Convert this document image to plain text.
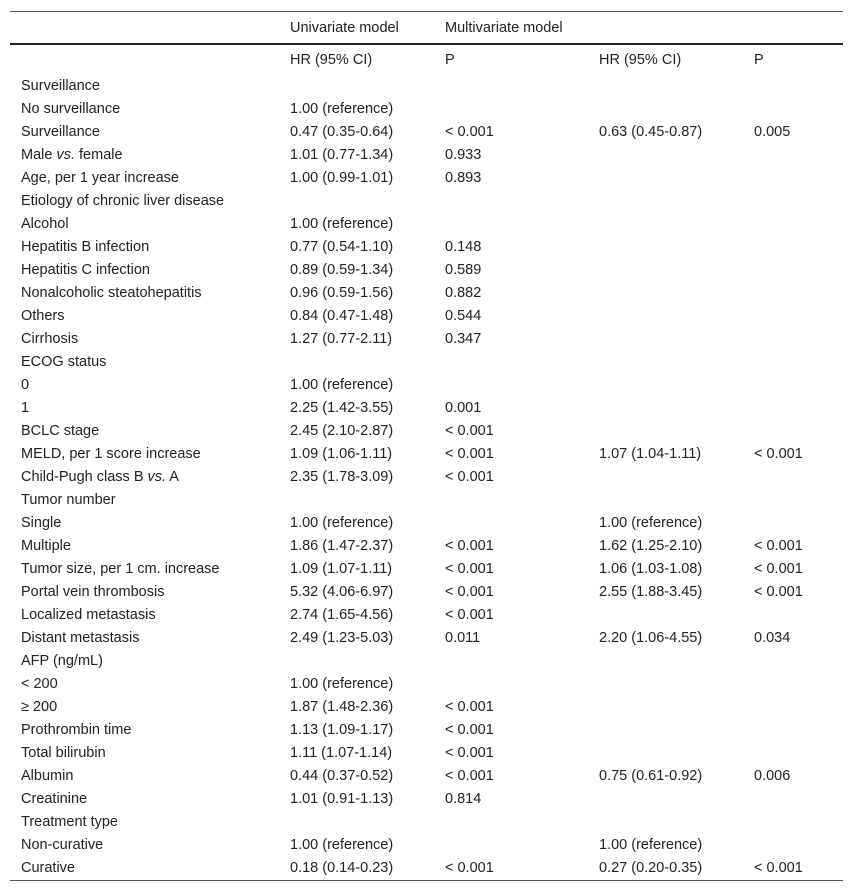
	Univariate model	Multivariate model		
	HR (95% CI)	P	HR (95% CI)	P
Surveillance				
No surveillance	1.00 (reference)			
Surveillance	0.47 (0.35-0.64)	< 0.001	0.63 (0.45-0.87)	0.005
Male vs. female	1.01 (0.77-1.34)	0.933		
Age, per 1 year increase	1.00 (0.99-1.01)	0.893		
Etiology of chronic liver disease				
Alcohol	1.00 (reference)			
Hepatitis B infection	0.77 (0.54-1.10)	0.148		
Hepatitis C infection	0.89 (0.59-1.34)	0.589		
Nonalcoholic steatohepatitis	0.96 (0.59-1.56)	0.882		
Others	0.84 (0.47-1.48)	0.544		
Cirrhosis	1.27 (0.77-2.11)	0.347		
ECOG status				
0	1.00 (reference)			
1	2.25 (1.42-3.55)	0.001		
BCLC stage	2.45 (2.10-2.87)	< 0.001		
MELD, per 1 score increase	1.09 (1.06-1.11)	< 0.001	1.07 (1.04-1.11)	< 0.001
Child-Pugh class B vs. A	2.35 (1.78-3.09)	< 0.001		
Tumor number				
Single	1.00 (reference)		1.00 (reference)	
Multiple	1.86 (1.47-2.37)	< 0.001	1.62 (1.25-2.10)	< 0.001
Tumor size, per 1 cm. increase	1.09 (1.07-1.11)	< 0.001	1.06 (1.03-1.08)	< 0.001
Portal vein thrombosis	5.32 (4.06-6.97)	< 0.001	2.55 (1.88-3.45)	< 0.001
Localized metastasis	2.74 (1.65-4.56)	< 0.001		
Distant metastasis	2.49 (1.23-5.03)	0.011	2.20 (1.06-4.55)	0.034
AFP (ng/mL)				
< 200	1.00 (reference)			
≥ 200	1.87 (1.48-2.36)	< 0.001		
Prothrombin time	1.13 (1.09-1.17)	< 0.001		
Total bilirubin	1.11 (1.07-1.14)	< 0.001		
Albumin	0.44 (0.37-0.52)	< 0.001	0.75 (0.61-0.92)	0.006
Creatinine	1.01 (0.91-1.13)	0.814		
Treatment type				
Non-curative	1.00 (reference)		1.00 (reference)	
Curative	0.18 (0.14-0.23)	< 0.001	0.27 (0.20-0.35)	< 0.001
